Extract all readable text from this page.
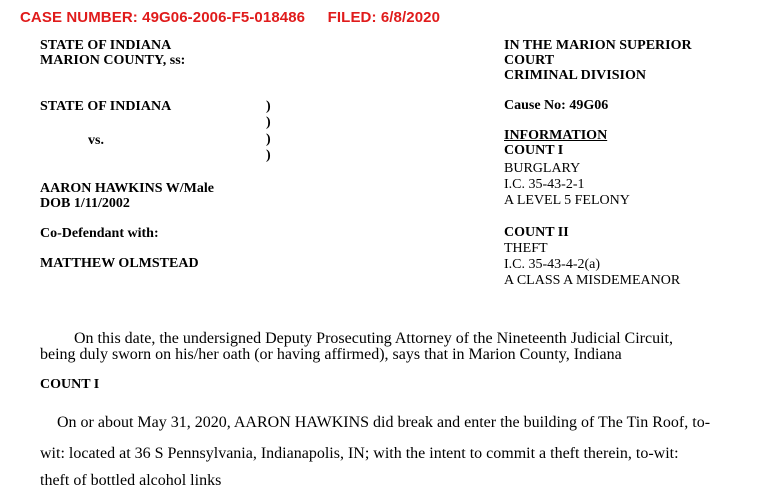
CASE NUMBER: 49G06-2006-F5-018486 FILED: 6/8/2020
STATE OF INDIANA
MARION COUNTY, ss:
STATE OF INDIANA
vs.
)
)
)
)
AARON HAWKINS W/Male
DOB 1/11/2002
Co-Defendant with:
MATTHEW OLMSTEAD
IN THE MARION SUPERIOR
COURT
CRIMINAL DIVISION
Cause No: 49G06
INFORMATION
COUNT I
BURGLARY
I.C. 35-43-2-1
A LEVEL 5 FELONY
COUNT II
THEFT
I.C. 35-43-4-2(a)
A CLASS A MISDEMEANOR
On this date, the undersigned Deputy Prosecuting Attorney of the Nineteenth Judicial Circuit,
being duly sworn on his/her oath (or having affirmed), says that in Marion County, Indiana
COUNT I
On or about May 31, 2020, AARON HAWKINS did break and enter the building of The Tin Roof, to-
wit: located at 36 S Pennsylvania, Indianapolis, IN; with the intent to commit a theft therein, to-wit:
theft of bottled alcohol links
